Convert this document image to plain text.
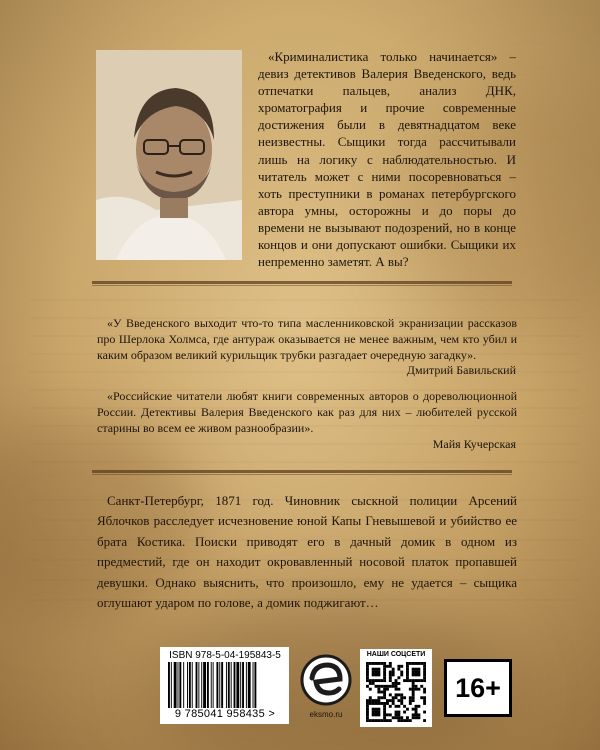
«Криминалистика только начинается» – девиз детективов Валерия Введенского, ведь отпечатки пальцев, анализ ДНК, хроматография и прочие современные достижения были в девятнадцатом веке неизвестны. Сыщики тогда рассчитывали лишь на логику с наблюдательностью. И читатель может с ними посоревноваться – хоть преступники в романах петербургского автора умны, осторожны и до поры до времени не вызывают подозрений, но в конце концов и они допускают ошибки. Сыщики их непременно заметят. А вы?
«У Введенского выходит что-то типа масленниковской экранизации рассказов про Шерлока Холмса, где антураж оказывается не менее важным, чем кто убил и каким образом великий курильщик трубки разгадает очередную загадку».
Дмитрий Бавильский
«Российские читатели любят книги современных авторов о дореволюционной России. Детективы Валерия Введенского как раз для них – любителей русской старины во всем ее живом разнообразии».
Майя Кучерская
Санкт-Петербург, 1871 год. Чиновник сыскной полиции Арсений Яблочков расследует исчезновение юной Капы Гневышевой и убийство ее брата Костика. Поиски приводят его в дачный домик в одном из предместий, где он находит окровавленный носовой платок пропавшей девушки. Однако выяснить, что произошло, ему не удается – сыщика оглушают ударом по голове, а домик поджигают…
ISBN 978-5-04-195843-5
9 785041 958435 >	eksmo.ru
НАШИ СОЦСЕТИ
16+
